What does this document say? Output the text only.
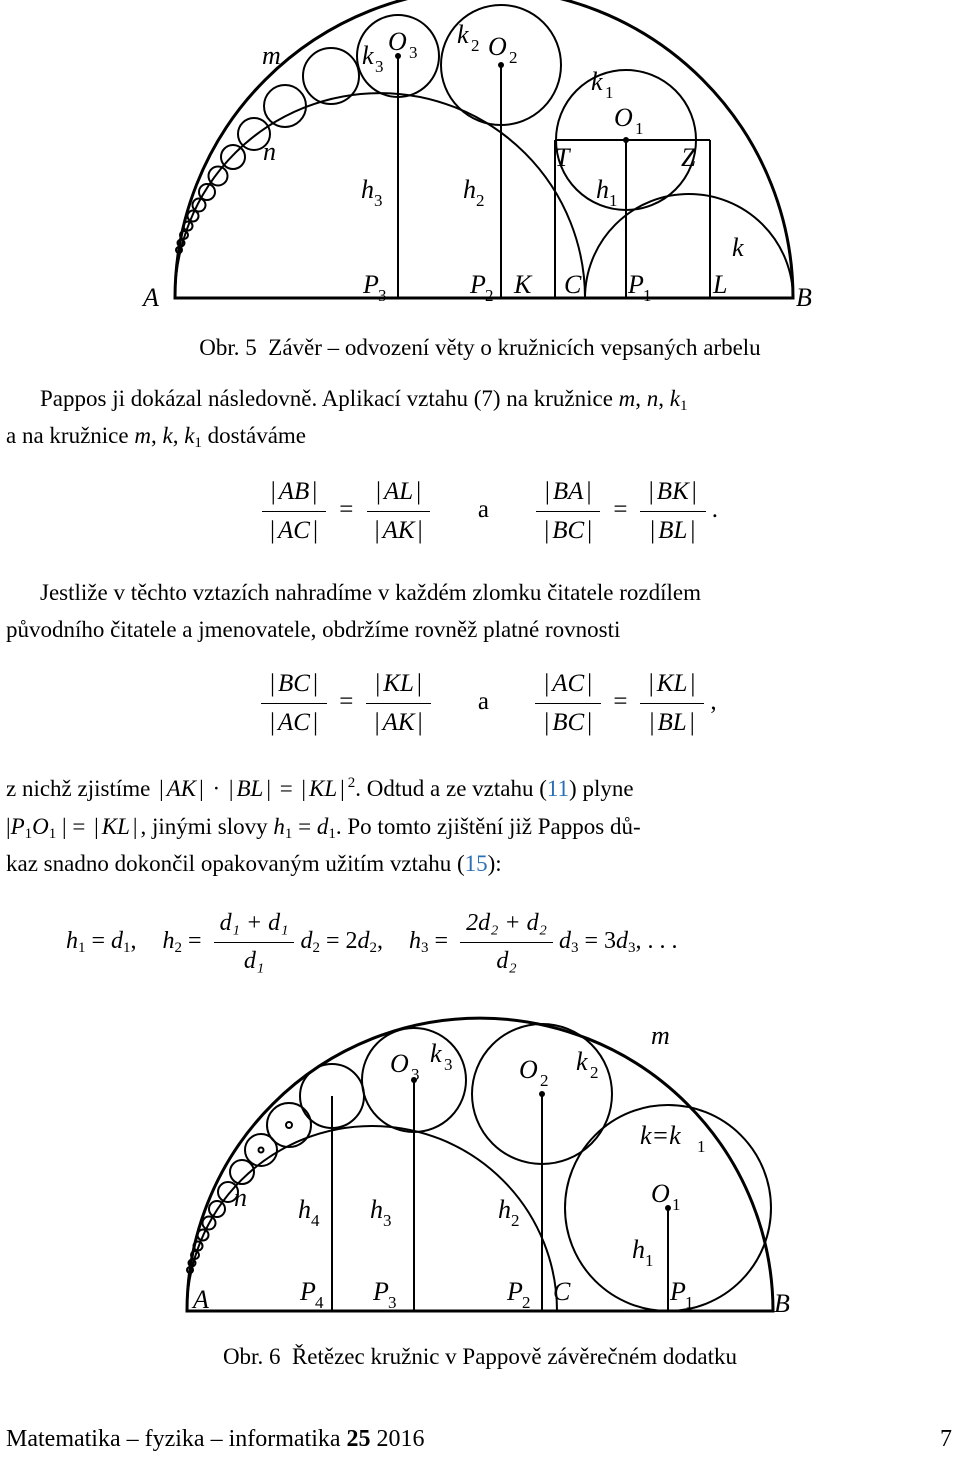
m
n
k 3
O 3
k 2 O 2
k 1
O 1
T	Z
h 3	h 2	h 1
k
A	P 3	P 2 K C P 1 L	B
Obr. 5 Závěr – odvození věty o kružnicích vepsaných arbelu
Pappos ji dokázal následovně. Aplikací vztahu (7) na kružnice m, n, $k_1$
a na kružnice m, k, $k_1$ dostáváme
| AB |
| AC | = | AL |
| AK | a | BA |
| BC | = | BK |
| BL | .
Jestliže v těchto vztazích nahradíme v každém zlomku čitatele rozdílem
původního čitatele a jmenovatele, obdržíme rovněž platné rovnosti
| BC |
| AC | = | KL |
| AK | a | AC |
| BC | = | KL |
| BL | ,
z nichž zjistíme | AK | · | BL | = | KL | $^2$. Odtud a ze vztahu (11) plyne
$|P_1O_1$ | = | KL | , jinými slovy $h_1 = d_1$. Po tomto zjištění již Pappos dů-
kaz snadno dokončil opakovaným užitím vztahu (15):
$h_1 = d_1$, $h_2 = \frac{\text{d₁ + d₁}}{\text{d₁}} d_2 = 2d_2$, $h_3 = \frac{\text{2d₂ + d₂}}{\text{d₂}} d_3 = 3d_3$, . . .
O 3
k 3	O 2
k 2
m
k=k 1
O 1
n h 4 h 3	h 2
h 1
A	P 4 P 3	P 2 C	P 1	B
Obr. 6 Řetězec kružnic v Pappově závěrečném dodatku
Matematika – fyzika – informatika 25 2016	7
